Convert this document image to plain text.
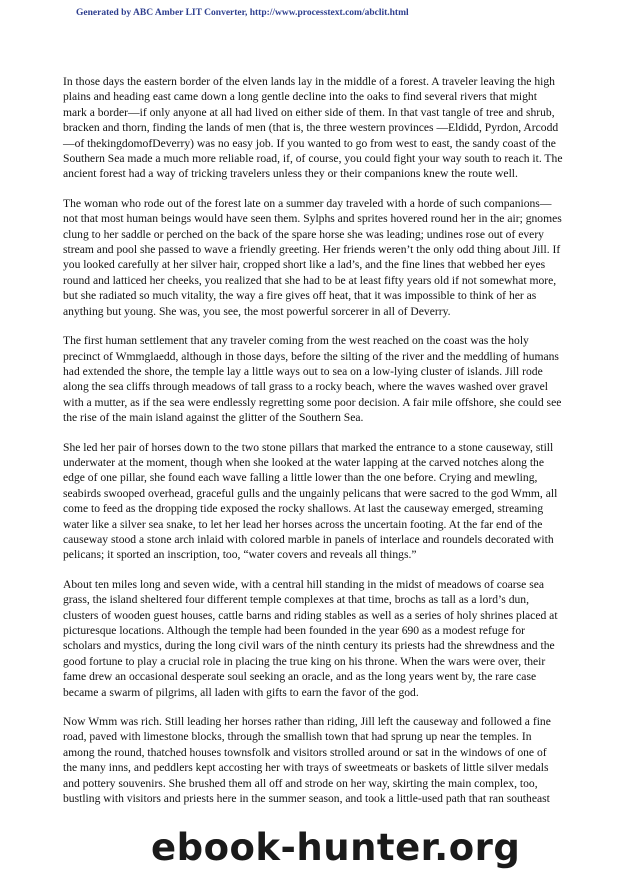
Generated by ABC Amber LIT Converter, http://www.processtext.com/abclit.html

In those days the eastern border of the elven lands lay in the middle of a forest. A traveler leaving the high plains and heading east came down a long gentle decline into the oaks to find several rivers that might mark a border—if only anyone at all had lived on either side of them. In that vast tangle of tree and shrub, bracken and thorn, finding the lands of men (that is, the three western provinces —Eldidd, Pyrdon, Arcodd—of thekingdomofDeverry) was no easy job. If you wanted to go from west to east, the sandy coast of the Southern Sea made a much more reliable road, if, of course, you could fight your way south to reach it. The ancient forest had a way of tricking travelers unless they or their companions knew the route well.

The woman who rode out of the forest late on a summer day traveled with a horde of such companions—not that most human beings would have seen them. Sylphs and sprites hovered round her in the air; gnomes clung to her saddle or perched on the back of the spare horse she was leading; undines rose out of every stream and pool she passed to wave a friendly greeting. Her friends weren’t the only odd thing about Jill. If you looked carefully at her silver hair, cropped short like a lad’s, and the fine lines that webbed her eyes round and latticed her cheeks, you realized that she had to be at least fifty years old if not somewhat more, but she radiated so much vitality, the way a fire gives off heat, that it was impossible to think of her as anything but young. She was, you see, the most powerful sorcerer in all of Deverry.

The first human settlement that any traveler coming from the west reached on the coast was the holy precinct of Wmmglaedd, although in those days, before the silting of the river and the meddling of humans had extended the shore, the temple lay a little ways out to sea on a low-lying cluster of islands. Jill rode along the sea cliffs through meadows of tall grass to a rocky beach, where the waves washed over gravel with a mutter, as if the sea were endlessly regretting some poor decision. A fair mile offshore, she could see the rise of the main island against the glitter of the Southern Sea.

She led her pair of horses down to the two stone pillars that marked the entrance to a stone causeway, still underwater at the moment, though when she looked at the water lapping at the carved notches along the edge of one pillar, she found each wave falling a little lower than the one before. Crying and mewling, seabirds swooped overhead, graceful gulls and the ungainly pelicans that were sacred to the god Wmm, all come to feed as the dropping tide exposed the rocky shallows. At last the causeway emerged, streaming water like a silver sea snake, to let her lead her horses across the uncertain footing. At the far end of the causeway stood a stone arch inlaid with colored marble in panels of interlace and roundels decorated with pelicans; it sported an inscription, too, “water covers and reveals all things.”

About ten miles long and seven wide, with a central hill standing in the midst of meadows of coarse sea grass, the island sheltered four different temple complexes at that time, brochs as tall as a lord’s dun, clusters of wooden guest houses, cattle barns and riding stables as well as a series of holy shrines placed at picturesque locations. Although the temple had been founded in the year 690 as a modest refuge for scholars and mystics, during the long civil wars of the ninth century its priests had the shrewdness and the good fortune to play a crucial role in placing the true king on his throne. When the wars were over, their fame drew an occasional desperate soul seeking an oracle, and as the long years went by, the rare case became a swarm of pilgrims, all laden with gifts to earn the favor of the god.

Now Wmm was rich. Still leading her horses rather than riding, Jill left the causeway and followed a fine road, paved with limestone blocks, through the smallish town that had sprung up near the temples. In among the round, thatched houses townsfolk and visitors strolled around or sat in the windows of one of the many inns, and peddlers kept accosting her with trays of sweetmeats or baskets of little silver medals and pottery souvenirs. She brushed them all off and strode on her way, skirting the main complex, too, bustling with visitors and priests here in the summer season, and took a little-used path that ran southeast

ebook-hunter.org
